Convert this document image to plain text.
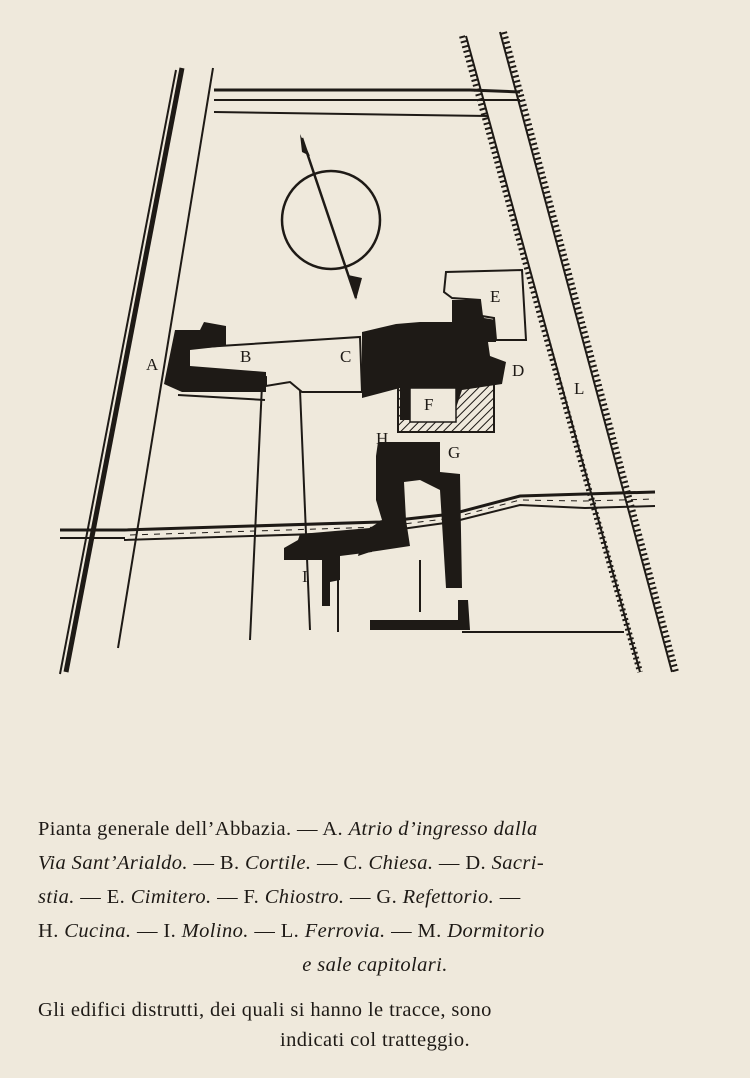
A	B	C
D
E
F
G
H
I
L
Pianta generale dell’Abbazia. — A. Atrio d’ingresso dalla
Via Sant’Arialdo. — B. Cortile. — C. Chiesa. — D. Sacri-
stia. — E. Cimitero. — F. Chiostro. — G. Refettorio. —
H. Cucina. — I. Molino. — L. Ferrovia. — M. Dormitorio
e sale capitolari.
Gli edifici distrutti, dei quali si hanno le tracce, sono
indicati col tratteggio.
